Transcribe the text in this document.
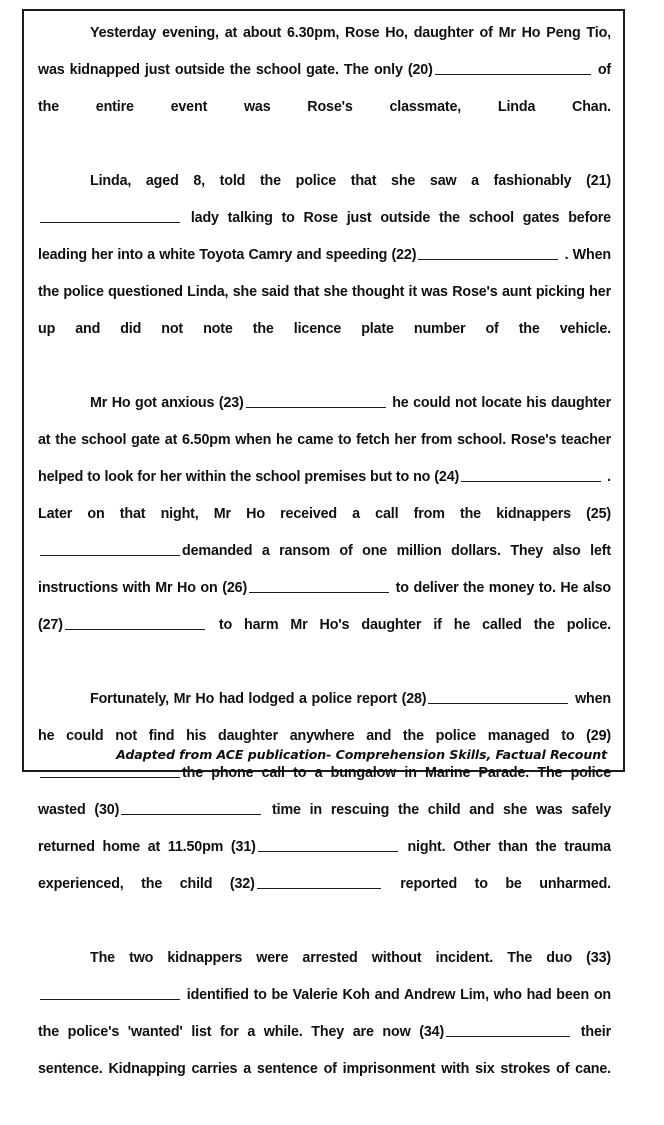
Yesterday evening, at about 6.30pm, Rose Ho, daughter of Mr Ho Peng Tio, was kidnapped just outside the school gate. The only (20)	of the entire event was Rose's classmate, Linda Chan.

Linda, aged 8, told the police that she saw a fashionably (21) lady talking to Rose just outside the school gates before leading her into a white Toyota Camry and speeding (22)	. When the police questioned Linda, she said that she thought it was Rose's aunt picking her up and did not note the licence plate number of the vehicle.

Mr Ho got anxious (23)	he could not locate his daughter at the school gate at 6.50pm when he came to fetch her from school. Rose's teacher helped to look for her within the school premises but to no (24)	. Later on that night, Mr Ho received a call from the kidnappers (25)demanded a ransom of one million dollars. They also left instructions with Mr Ho on (26)	to deliver the money to. He also (27)	to harm Mr Ho's daughter if he called the police.

Fortunately, Mr Ho had lodged a police report (28)	when he could not find his daughter anywhere and the police managed to (29)the phone call to a bungalow in Marine Parade. The police wasted (30)	time in rescuing the child and she was safely returned home at 11.50pm (31)	night. Other than the trauma experienced, the child (32)	reported to be unharmed.

The two kidnappers were arrested without incident. The duo (33) identified to be Valerie Koh and Andrew Lim, who had been on the police's 'wanted' list for a while. They are now (34)	their sentence. Kidnapping carries a sentence of imprisonment with six strokes of cane.

Adapted from ACE publication- Comprehension Skills, Factual Recount
